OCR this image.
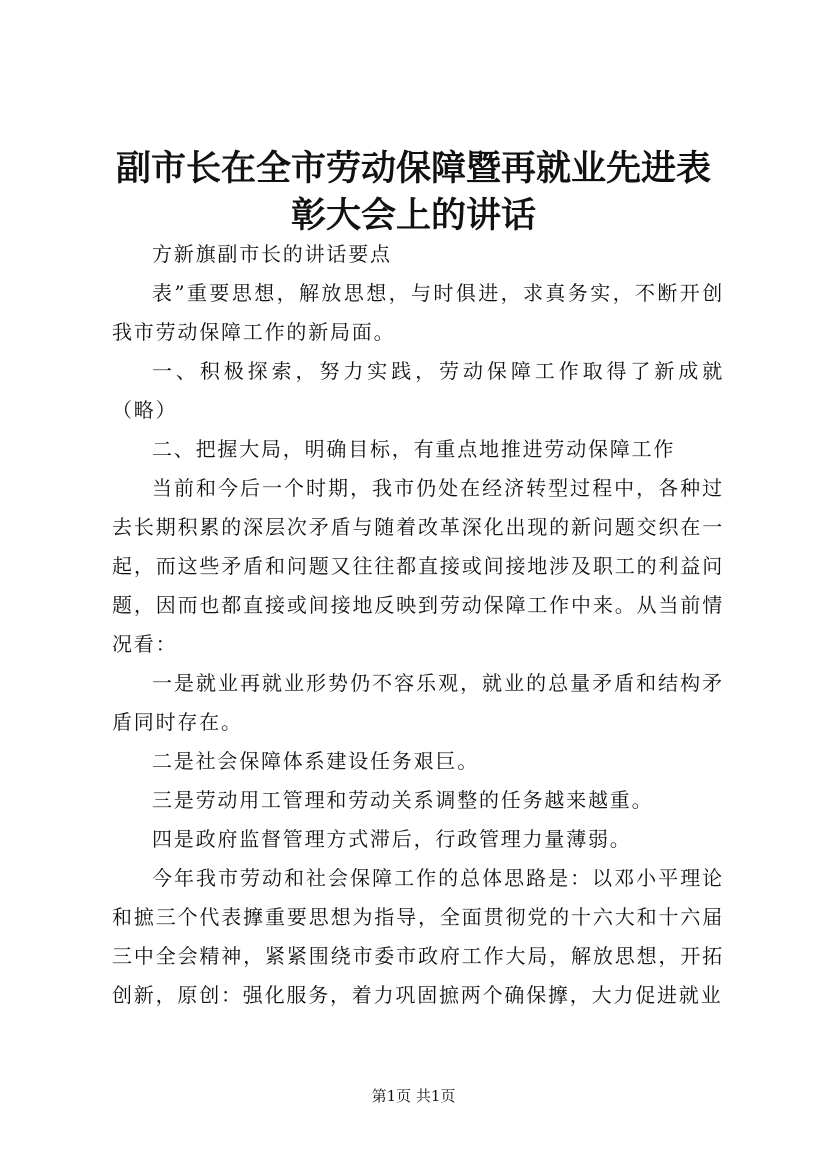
副市长在全市劳动保障暨再就业先进表彰大会上的讲话

方新旗副市长的讲话要点

表”重要思想，解放思想，与时俱进，求真务实，不断开创我市劳动保障工作的新局面。

一、积极探索，努力实践，劳动保障工作取得了新成就（略）

二、把握大局，明确目标，有重点地推进劳动保障工作

当前和今后一个时期，我市仍处在经济转型过程中，各种过去长期积累的深层次矛盾与随着改革深化出现的新问题交织在一起，而这些矛盾和问题又往往都直接或间接地涉及职工的利益问题，因而也都直接或间接地反映到劳动保障工作中来。从当前情况看：

一是就业再就业形势仍不容乐观，就业的总量矛盾和结构矛盾同时存在。

二是社会保障体系建设任务艰巨。

三是劳动用工管理和劳动关系调整的任务越来越重。

四是政府监督管理方式滞后，行政管理力量薄弱。

今年我市劳动和社会保障工作的总体思路是：以邓小平理论和摭三个代表擵重要思想为指导，全面贯彻党的十六大和十六届三中全会精神，紧紧围绕市委市政府工作大局，解放思想，开拓创新，原创：强化服务，着力巩固摭两个确保擵，大力促进就业

第1页 共1页
